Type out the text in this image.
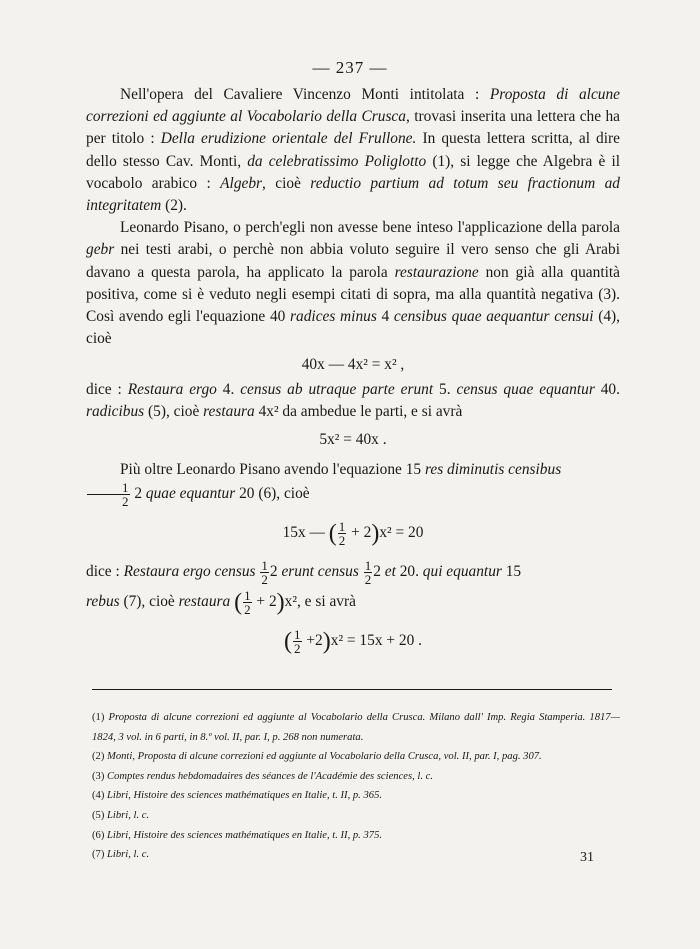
— 237 —

Nell'opera del Cavaliere Vincenzo Monti intitolata : Proposta di alcune correzioni ed aggiunte al Vocabolario della Crusca, trovasi inserita una lettera che ha per titolo : Della erudizione orientale del Frullone. In questa lettera scritta, al dire dello stesso Cav. Monti, da celebratissimo Poliglotto (1), si legge che Algebra è il vocabolo arabico : Algebr, cioè reductio partium ad totum seu fractionum ad integritatem (2).

Leonardo Pisano, o perch'egli non avesse bene inteso l'applicazione della parola gebr nei testi arabi, o perchè non abbia voluto seguire il vero senso che gli Arabi davano a questa parola, ha applicato la parola restaurazione non già alla quantità positiva, come si è veduto negli esempi citati di sopra, ma alla quantità negativa (3). Così avendo egli l'equazione 40 radices minus 4 censibus quae aequantur censui (4), cioè

40x — 4x² = x² ,

dice : Restaura ergo 4. census ab utraque parte erunt 5. census quae equantur 40. radicibus (5), cioè restaura 4x² da ambedue le parti, e si avrà

5x² = 40x .

Più oltre Leonardo Pisano avendo l'equazione 15 res diminutis censibus

$\frac{1}{2} 2$ quae equantur 20 (6), cioè

15x — ( $\frac{1}{2} + 2)x^2 = 20$

dice : Restaura ergo census $\frac{1}{2} 2$ erunt census $\frac{1}{2} 2$ et 20. qui equantur 15
rebus (7), cioè restaura ( $\frac{1}{2} + 2)x^2$, e si avrà

( $\frac{1}{2} +2)x^2 = 15x + 20$ .

(1) Proposta di alcune correzioni ed aggiunte al Vocabolario della Crusca. Milano dall' Imp. Regia Stamperia. 1817—1824, 3 vol. in 6 parti, in 8.º vol. II, par. I, p. 268 non numerata.

(2) Monti, Proposta di alcune correzioni ed aggiunte al Vocabolario della Crusca, vol. II, par. I, pag. 307.

(3) Comptes rendus hebdomadaires des séances de l'Académie des sciences, l. c.

(4) Libri, Histoire des sciences mathématiques en Italie, t. II, p. 365.

(5) Libri, l. c.

(6) Libri, Histoire des sciences mathématiques en Italie, t. II, p. 375.

(7) Libri, l. c.	31
